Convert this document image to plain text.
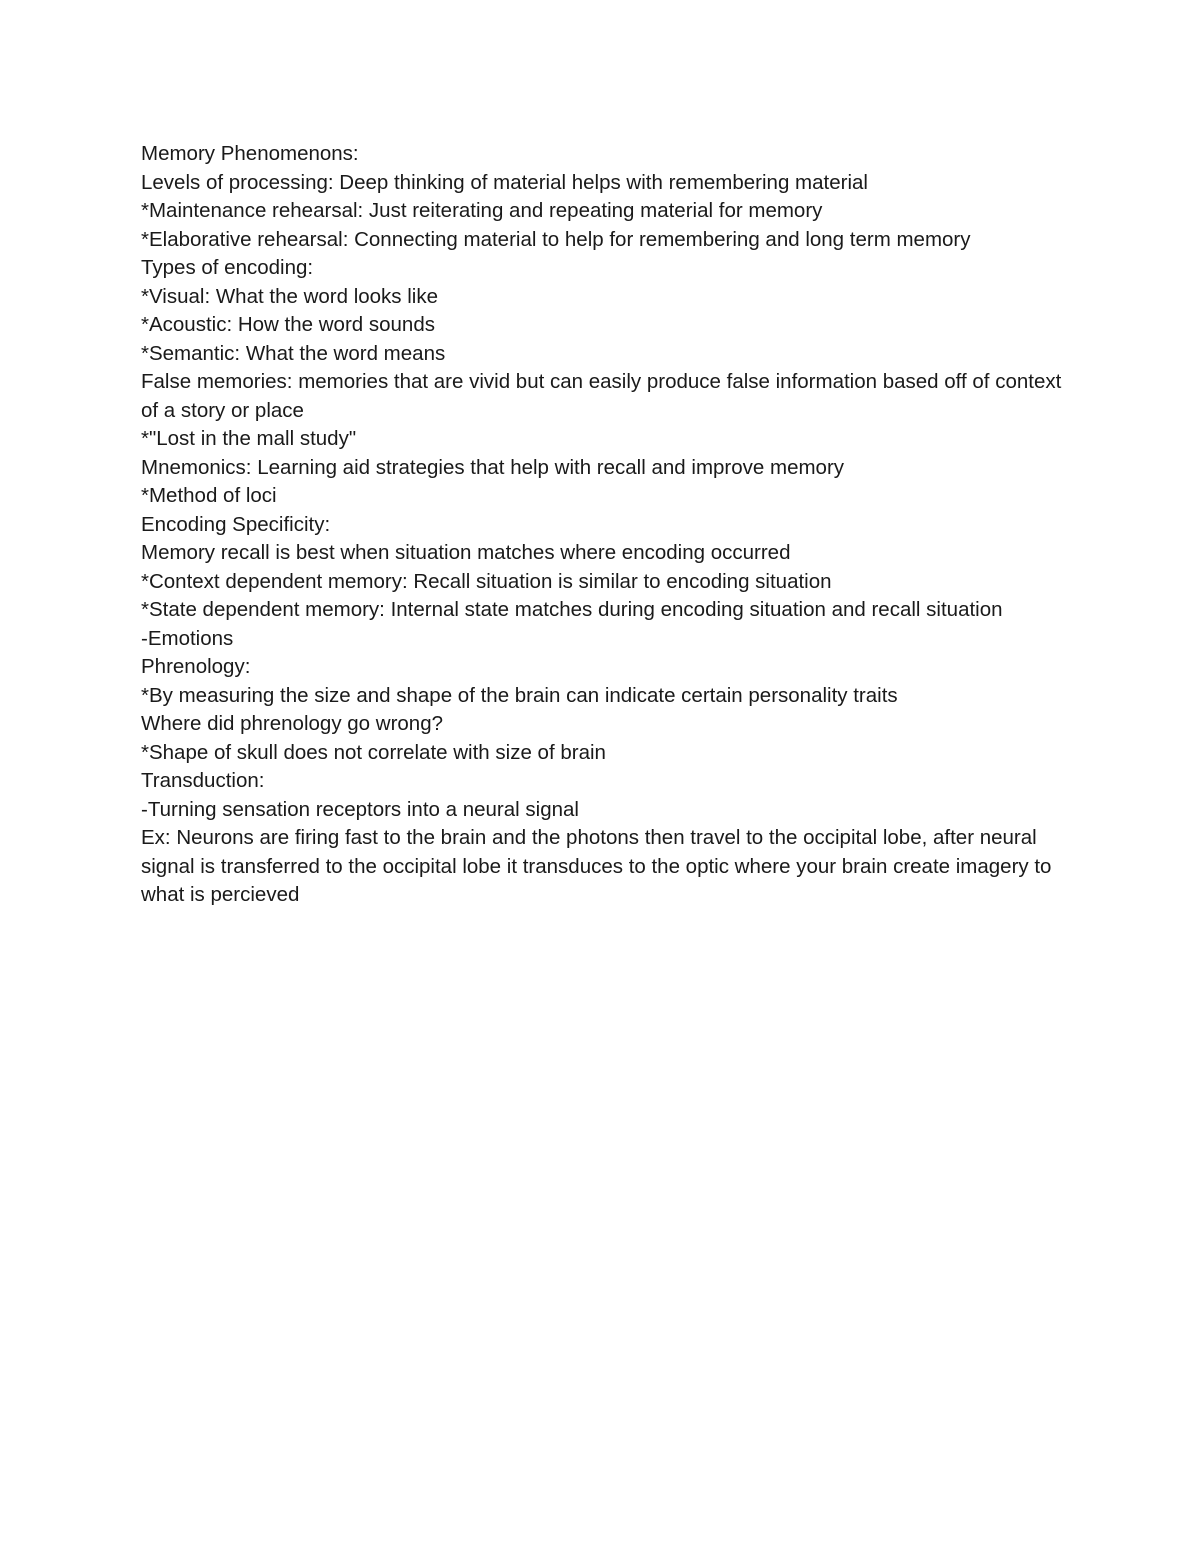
Memory Phenomenons:
Levels of processing: Deep thinking of material helps with remembering material
*Maintenance rehearsal: Just reiterating and repeating material for memory
*Elaborative rehearsal: Connecting material to help for remembering and long term memory
Types of encoding:
*Visual: What the word looks like
*Acoustic: How the word sounds
*Semantic: What the word means
False memories: memories that are vivid but can easily produce false information based off of context of a story or place
*"Lost in the mall study"
Mnemonics: Learning aid strategies that help with recall and improve memory
*Method of loci
Encoding Specificity:
Memory recall is best when situation matches where encoding occurred
*Context dependent memory: Recall situation is similar to encoding situation
*State dependent memory: Internal state matches during encoding situation and recall situation
-Emotions
Phrenology:
*By measuring the size and shape of the brain can indicate certain personality traits
Where did phrenology go wrong?
*Shape of skull does not correlate with size of brain
Transduction:
-Turning sensation receptors into a neural signal
Ex: Neurons are firing fast to the brain and the photons then travel to the occipital lobe, after neural signal is transferred to the occipital lobe it transduces to the optic where your brain create imagery to what is percieved
